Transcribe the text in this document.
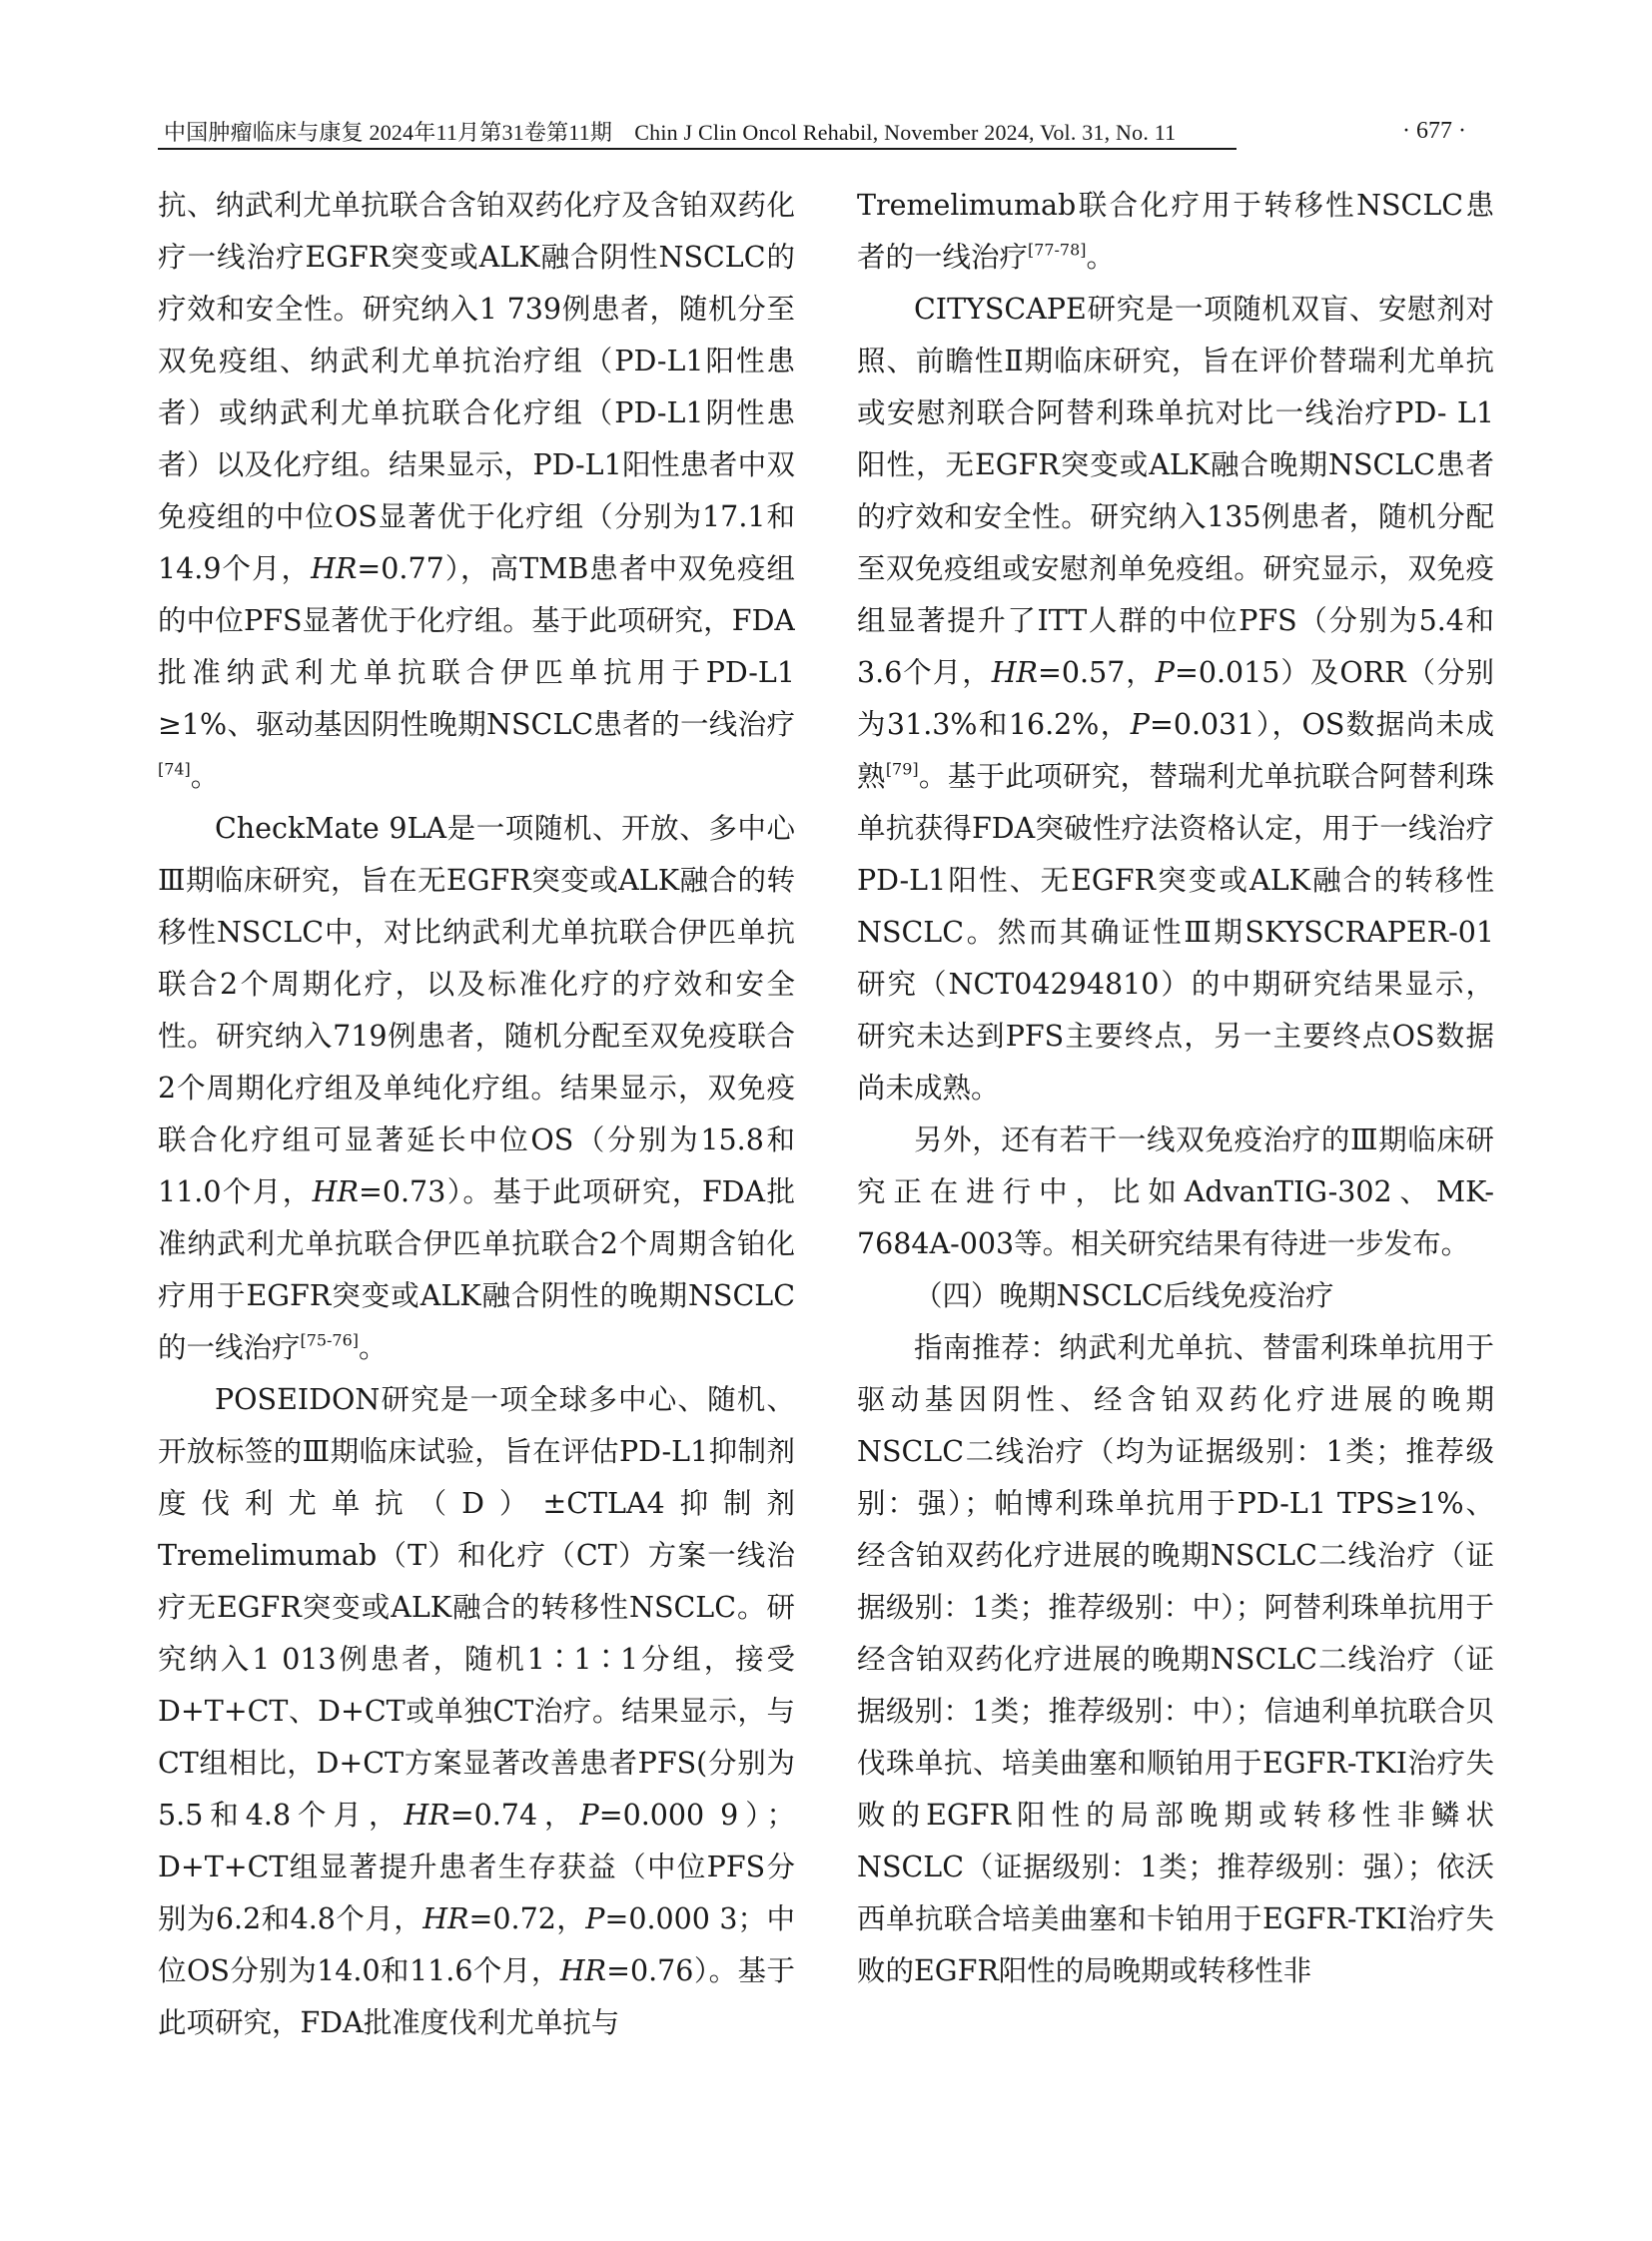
中国肿瘤临床与康复 2024年11月第31卷第11期　Chin J Clin Oncol Rehabil, November 2024, Vol. 31, No. 11	· 677 ·

抗、纳武利尤单抗联合含铂双药化疗及含铂双药化疗一线治疗EGFR突变或ALK融合阴性NSCLC的疗效和安全性。研究纳入1 739例患者，随机分至双免疫组、纳武利尤单抗治疗组（PD-L1阳性患者）或纳武利尤单抗联合化疗组（PD-L1阴性患者）以及化疗组。结果显示，PD-L1阳性患者中双免疫组的中位OS显著优于化疗组（分别为17.1和14.9个月，HR=0.77），高TMB患者中双免疫组的中位PFS显著优于化疗组。基于此项研究，FDA批准纳武利尤单抗联合伊匹单抗用于PD-L1 ≥1%、驱动基因阴性晚期NSCLC患者的一线治疗[74]。

CheckMate 9LA是一项随机、开放、多中心Ⅲ期临床研究，旨在无EGFR突变或ALK融合的转移性NSCLC中，对比纳武利尤单抗联合伊匹单抗联合2个周期化疗，以及标准化疗的疗效和安全性。研究纳入719例患者，随机分配至双免疫联合2个周期化疗组及单纯化疗组。结果显示，双免疫联合化疗组可显著延长中位OS（分别为15.8和11.0个月，HR=0.73）。基于此项研究，FDA批准纳武利尤单抗联合伊匹单抗联合2个周期含铂化疗用于EGFR突变或ALK融合阴性的晚期NSCLC的一线治疗[75-76]。

POSEIDON研究是一项全球多中心、随机、开放标签的Ⅲ期临床试验，旨在评估PD-L1抑制剂度伐利尤单抗（D）±CTLA4抑制剂Tremelimumab（T）和化疗（CT）方案一线治疗无EGFR突变或ALK融合的转移性NSCLC。研究纳入1 013例患者，随机1∶1∶1分组，接受D+T+CT、D+CT或单独CT治疗。结果显示，与CT组相比，D+CT方案显著改善患者PFS(分别为5.5和4.8个月，HR=0.74，P=0.000 9）；D+T+CT组显著提升患者生存获益（中位PFS分别为6.2和4.8个月，HR=0.72，P=0.000 3；中位OS分别为14.0和11.6个月，HR=0.76）。基于此项研究，FDA批准度伐利尤单抗与

Tremelimumab联合化疗用于转移性NSCLC患者的一线治疗[77-78]。

CITYSCAPE研究是一项随机双盲、安慰剂对照、前瞻性Ⅱ期临床研究，旨在评价替瑞利尤单抗或安慰剂联合阿替利珠单抗对比一线治疗PD- L1阳性，无EGFR突变或ALK融合晚期NSCLC患者的疗效和安全性。研究纳入135例患者，随机分配至双免疫组或安慰剂单免疫组。研究显示，双免疫组显著提升了ITT人群的中位PFS（分别为5.4和3.6个月，HR=0.57，P=0.015）及ORR（分别为31.3%和16.2%，P=0.031），OS数据尚未成熟[79]。基于此项研究，替瑞利尤单抗联合阿替利珠单抗获得FDA突破性疗法资格认定，用于一线治疗PD-L1阳性、无EGFR突变或ALK融合的转移性NSCLC。然而其确证性Ⅲ期SKYSCRAPER-01研究（NCT04294810）的中期研究结果显示，研究未达到PFS主要终点，另一主要终点OS数据尚未成熟。

另外，还有若干一线双免疫治疗的Ⅲ期临床研究正在进行中，比如AdvanTIG-302、MK-7684A-003等。相关研究结果有待进一步发布。

（四）晚期NSCLC后线免疫治疗

指南推荐：纳武利尤单抗、替雷利珠单抗用于驱动基因阴性、经含铂双药化疗进展的晚期NSCLC二线治疗（均为证据级别：1类；推荐级别：强）；帕博利珠单抗用于PD-L1 TPS≥1%、经含铂双药化疗进展的晚期NSCLC二线治疗（证据级别：1类；推荐级别：中）；阿替利珠单抗用于经含铂双药化疗进展的晚期NSCLC二线治疗（证据级别：1类；推荐级别：中）；信迪利单抗联合贝伐珠单抗、培美曲塞和顺铂用于EGFR-TKI治疗失败的EGFR阳性的局部晚期或转移性非鳞状NSCLC（证据级别：1类；推荐级别：强）；依沃西单抗联合培美曲塞和卡铂用于EGFR-TKI治疗失败的EGFR阳性的局晚期或转移性非
